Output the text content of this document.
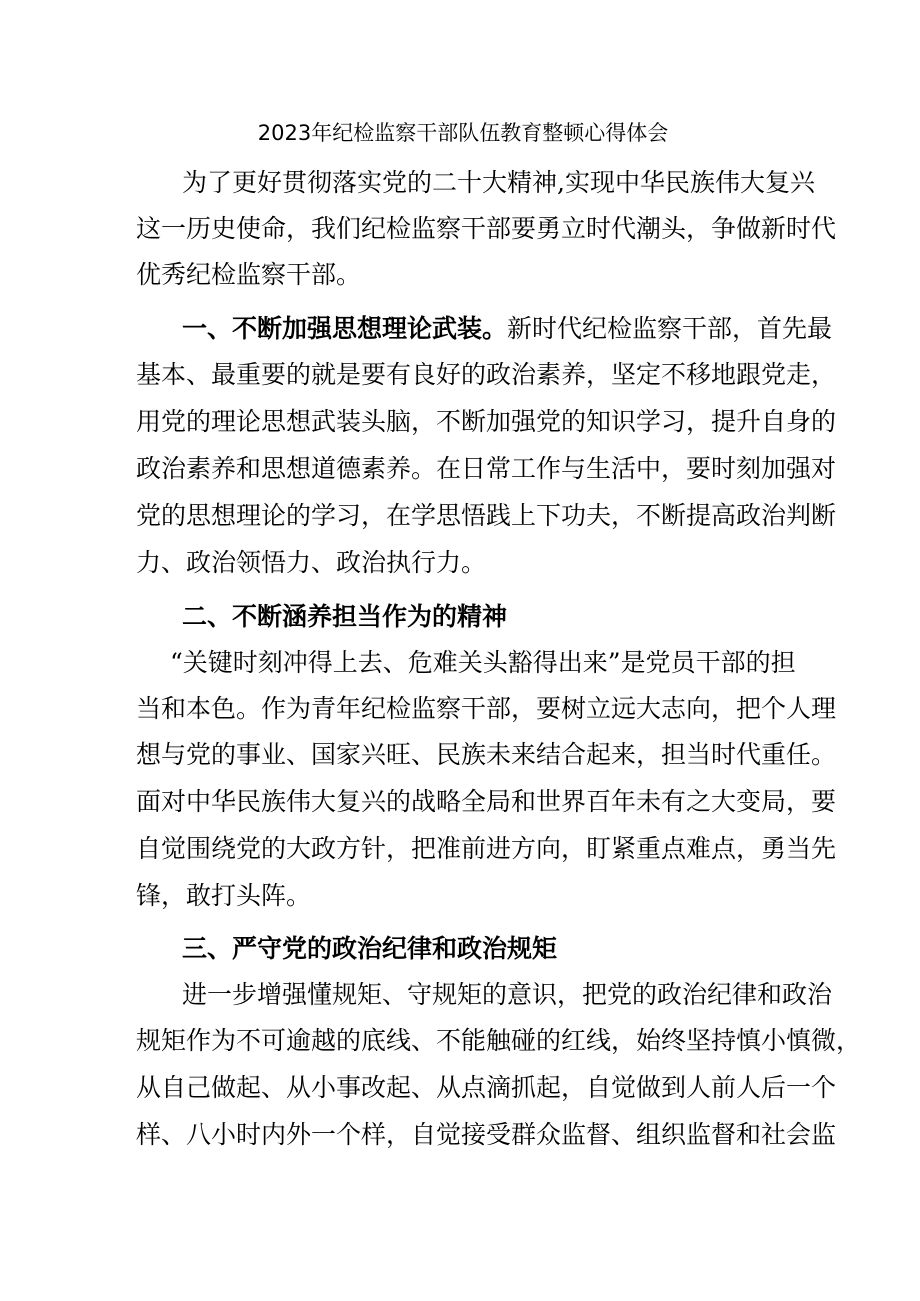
2023年纪检监察干部队伍教育整顿心得体会
为了更好贯彻落实党的二十大精神,实现中华民族伟大复兴
这一历史使命，我们纪检监察干部要勇立时代潮头，争做新时代
优秀纪检监察干部。
一、不断加强思想理论武装。 新时代纪检监察干部，首先最
基本、最重要的就是要有良好的政治素养，坚定不移地跟党走，
用党的理论思想武装头脑，不断加强党的知识学习，提升自身的
政治素养和思想道德素养。在日常工作与生活中，要时刻加强对
党的思想理论的学习，在学思悟践上下功夫，不断提高政治判断
力、政治领悟力、政治执行力。
二、不断涵养担当作为的精神
“关键时刻冲得上去、危难关头豁得出来”是党员干部的担
当和本色。作为青年纪检监察干部，要树立远大志向，把个人理
想与党的事业、国家兴旺、民族未来结合起来，担当时代重任。
面对中华民族伟大复兴的战略全局和世界百年未有之大变局，要
自觉围绕党的大政方针，把准前进方向，盯紧重点难点，勇当先
锋，敢打头阵。
三、严守党的政治纪律和政治规矩
进一步增强懂规矩、守规矩的意识，把党的政治纪律和政治
规矩作为不可逾越的底线、不能触碰的红线，始终坚持慎小慎微，
从自己做起、从小事改起、从点滴抓起，自觉做到人前人后一个
样、八小时内外一个样，自觉接受群众监督、组织监督和社会监
